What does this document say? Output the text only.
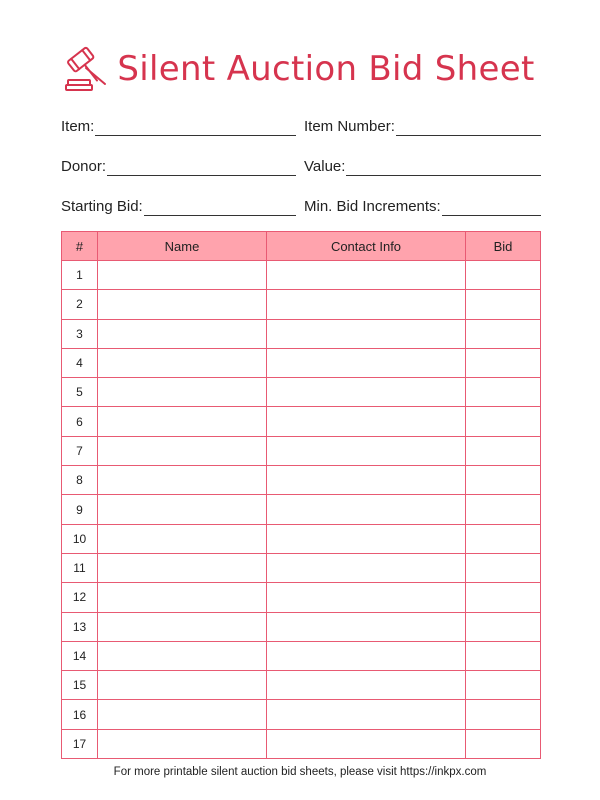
Silent Auction Bid Sheet
Item:	Item Number:
Donor:	Value:
Starting Bid:	Min. Bid Increments:
#	Name	Contact Info	Bid
1			
2			
3			
4			
5			
6			
7			
8			
9			
10			
11			
12			
13			
14			
15			
16			
17			
For more printable silent auction bid sheets, please visit https://inkpx.com
